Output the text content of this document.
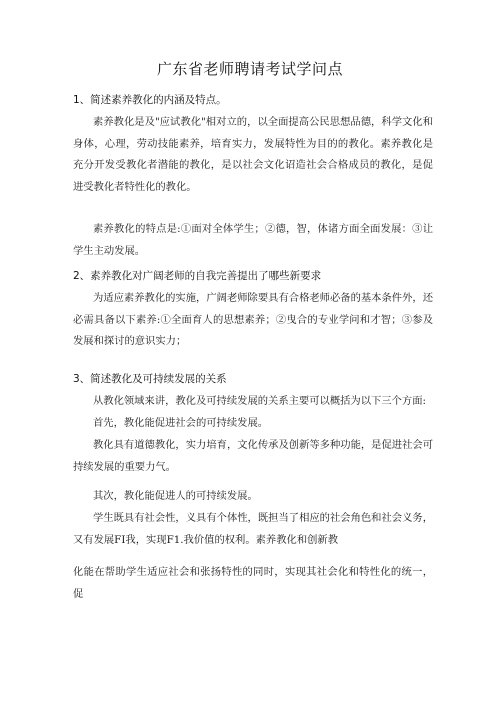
广东省老师聘请考试学问点
1、简述素养教化的内涵及特点。
素养教化是及"应试教化"相对立的，以全面提高公民思想品德，科学文化和身体，心理，劳动技能素养，培育实力，发展特性为目的的教化。素养教化是充分开发受教化者潜能的教化，是以社会文化诏造社会合格成员的教化，是促进受教化者特性化的教化。
素养教化的特点是:①面对全体学生；②德，智，体诸方面全面发展：③让学生主动发展。
2、素养教化对广阔老师的自我完善提出了哪些新要求
为适应素养教化的实施，广阔老师除要具有合格老师必备的基本条件外，还必需具备以下素养:①全面育人的思想素养；②曳合的专业学问和才智；③参及发展和探讨的意识实力；
3、简述教化及可持续发展的关系
从教化领域来讲，教化及可持续发展的关系主要可以概括为以下三个方面:
首先，教化能促进社会的可持续发展。
教化具有道德教化，实力培育，文化传承及创新等多种功能，是促进社会可持续发展的重要力气。
其次，教化能促进人的可持续发展。
学生既具有社会性，义具有个体性，既担当了相应的社会角色和社会义务，又有发展FI我，实现F1.我价值的权利。素养教化和创新教
化能在帮助学生适应社会和张扬特性的同时，实现其社会化和特性化的统一，促
